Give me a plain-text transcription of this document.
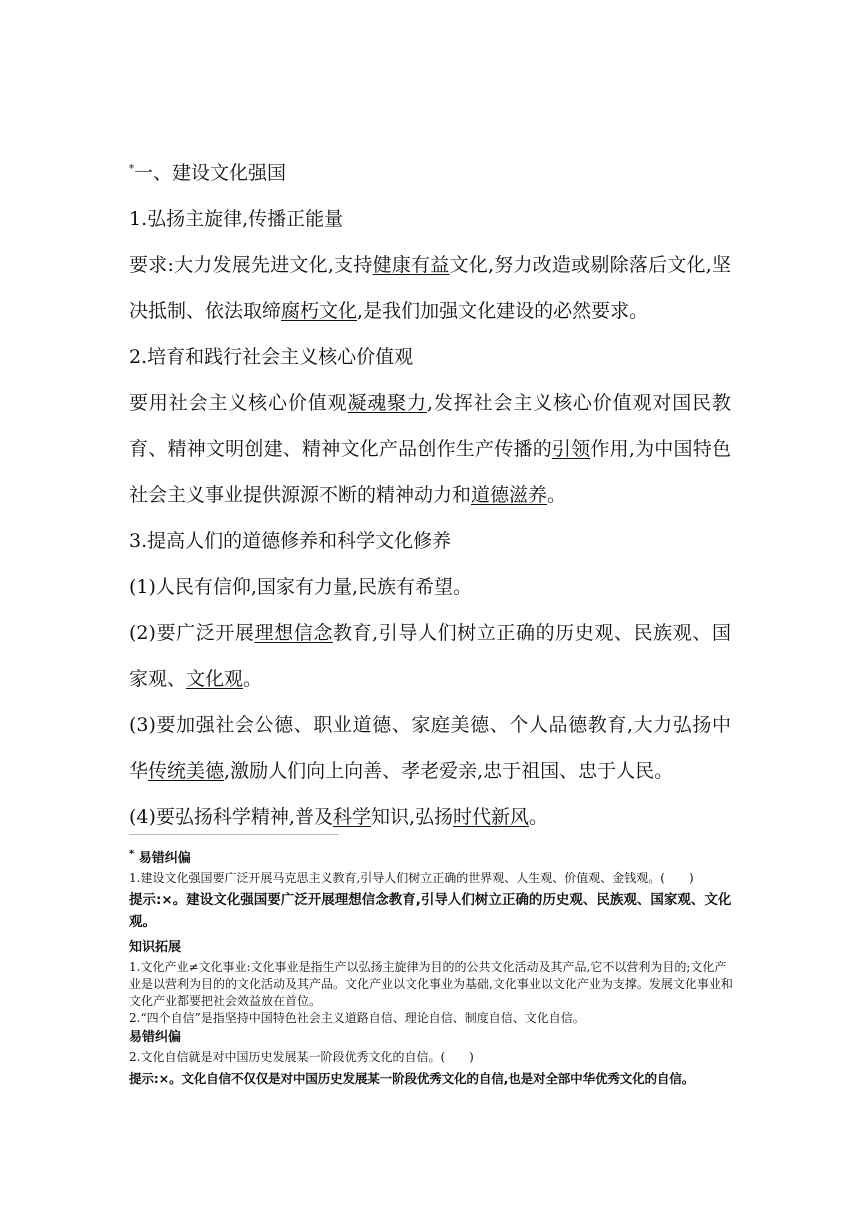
*一、建设文化强国

1.弘扬主旋律,传播正能量

要求:大力发展先进文化,支持健康有益文化,努力改造或剔除落后文化,坚决抵制、依法取缔腐朽文化,是我们加强文化建设的必然要求。

2.培育和践行社会主义核心价值观

要用社会主义核心价值观凝魂聚力,发挥社会主义核心价值观对国民教育、精神文明创建、精神文化产品创作生产传播的引领作用,为中国特色社会主义事业提供源源不断的精神动力和道德滋养。

3.提高人们的道德修养和科学文化修养

(1)人民有信仰,国家有力量,民族有希望。

(2)要广泛开展理想信念教育,引导人们树立正确的历史观、民族观、国家观、文化观。

(3)要加强社会公德、职业道德、家庭美德、个人品德教育,大力弘扬中华传统美德,激励人们向上向善、孝老爱亲,忠于祖国、忠于人民。

(4)要弘扬科学精神,普及科学知识,弘扬时代新风。

* 易错纠偏

1.建设文化强国要广泛开展马克思主义教育,引导人们树立正确的世界观、人生观、价值观、金钱观。(　　)

提示:×。建设文化强国要广泛开展理想信念教育,引导人们树立正确的历史观、民族观、国家观、文化观。

知识拓展

1.文化产业≠文化事业:文化事业是指生产以弘扬主旋律为目的的公共文化活动及其产品,它不以营利为目的;文化产业是以营利为目的的文化活动及其产品。文化产业以文化事业为基础,文化事业以文化产业为支撑。发展文化事业和文化产业都要把社会效益放在首位。

2.“四个自信”是指坚持中国特色社会主义道路自信、理论自信、制度自信、文化自信。

易错纠偏

2.文化自信就是对中国历史发展某一阶段优秀文化的自信。(　　)

提示:×。文化自信不仅仅是对中国历史发展某一阶段优秀文化的自信,也是对全部中华优秀文化的自信。
